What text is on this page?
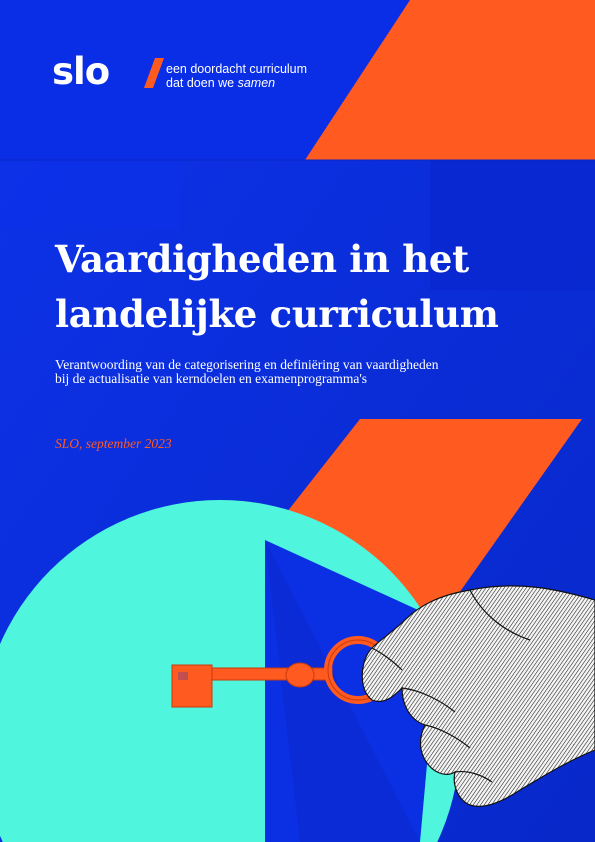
slo	een doordacht curriculum
dat doen we samen
Vaardigheden in het landelijke curriculum

Verantwoording van de categorisering en definiëring van vaardigheden bij de actualisatie van kerndoelen en examenprogramma's

SLO, september 2023
